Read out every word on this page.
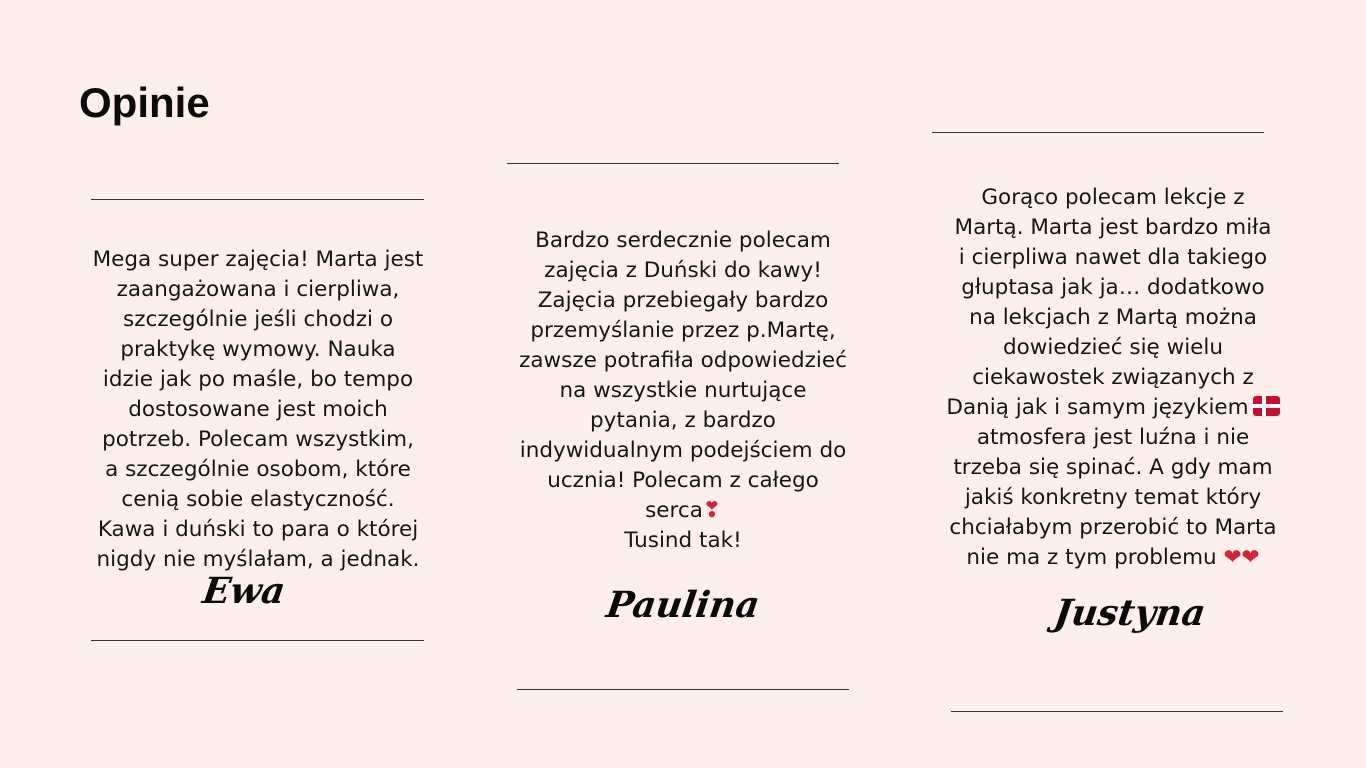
Opinie
Mega super zajęcia! Marta jest
zaangażowana i cierpliwa,
szczególnie jeśli chodzi o
praktykę wymowy. Nauka
idzie jak po maśle, bo tempo
dostosowane jest moich
potrzeb. Polecam wszystkim,
a szczególnie osobom, które
cenią sobie elastyczność.
Kawa i duński to para o której
nigdy nie myślałam, a jednak.
Ewa
Bardzo serdecznie polecam
zajęcia z Duński do kawy!
Zajęcia przebiegały bardzo
przemyślanie przez p.Martę,
zawsze potrafiła odpowiedzieć
na wszystkie nurtujące
pytania, z bardzo
indywidualnym podejściem do
ucznia! Polecam z całego
serca❣
Tusind tak!
Paulina
Gorąco polecam lekcje z
Martą. Marta jest bardzo miła
i cierpliwa nawet dla takiego
głuptasa jak ja… dodatkowo
na lekcjach z Martą można
dowiedzieć się wielu
ciekawostek związanych z
Danią jak i samym językiem
atmosfera jest luźna i nie
trzeba się spinać. A gdy mam
jakiś konkretny temat który
chciałabym przerobić to Marta
nie ma z tym problemu ❤❤
Justyna
